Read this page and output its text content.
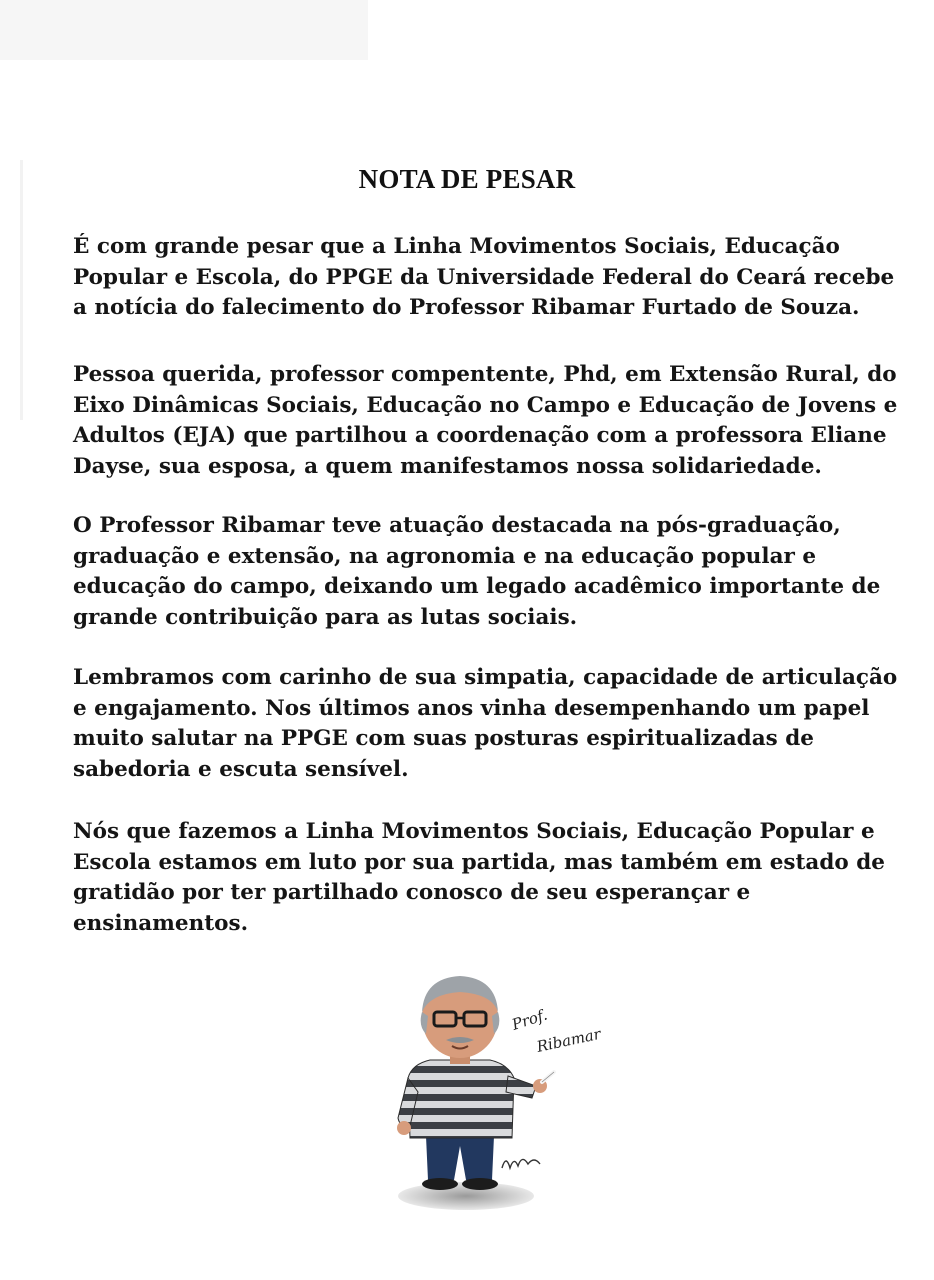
NOTA DE PESAR

É com grande pesar que a Linha Movimentos Sociais, Educação
Popular e Escola, do PPGE da Universidade Federal do Ceará recebe
a notícia do falecimento do Professor Ribamar Furtado de Souza.

Pessoa querida, professor compentente, Phd, em Extensão Rural, do
Eixo Dinâmicas Sociais, Educação no Campo e Educação de Jovens e
Adultos (EJA) que partilhou a coordenação com a professora Eliane
Dayse, sua esposa, a quem manifestamos nossa solidariedade.

O Professor Ribamar teve atuação destacada na pós-graduação,
graduação e extensão, na agronomia e na educação popular e
educação do campo, deixando um legado acadêmico importante de
grande contribuição para as lutas sociais.

Lembramos com carinho de sua simpatia, capacidade de articulação
e engajamento. Nos últimos anos vinha desempenhando um papel
muito salutar na PPGE com suas posturas espiritualizadas de
sabedoria e escuta sensível.

Nós que fazemos a Linha Movimentos Sociais, Educação Popular e
Escola estamos em luto por sua partida, mas também em estado de
gratidão por ter partilhado conosco de seu esperançar e
ensinamentos.

Prof.
Ribamar
